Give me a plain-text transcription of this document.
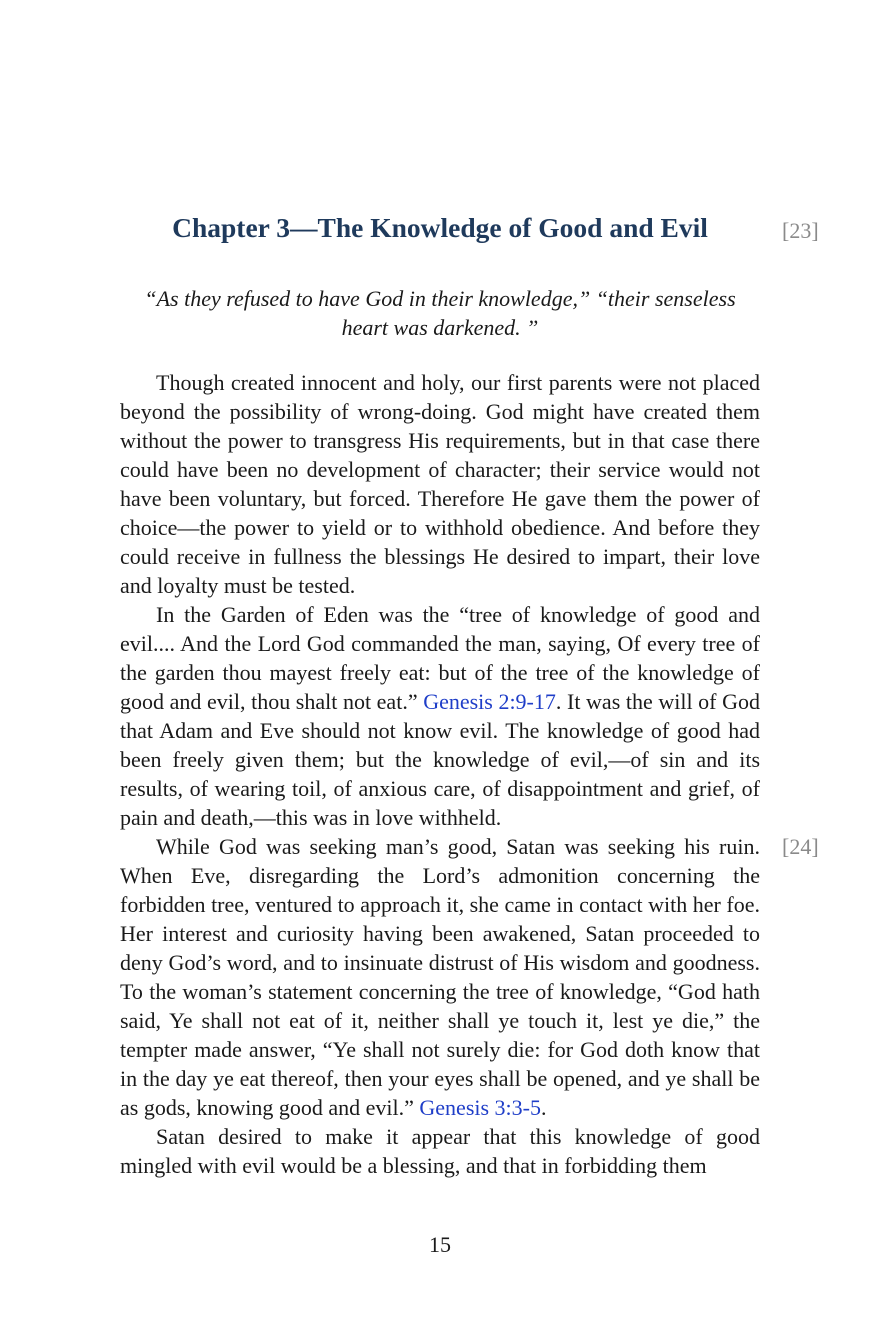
Chapter 3—The Knowledge of Good and Evil	[23]

“As they refused to have God in their knowledge,” “their senseless heart was darkened. ”

Though created innocent and holy, our first parents were not placed beyond the possibility of wrong-doing. God might have created them without the power to transgress His requirements, but in that case there could have been no development of character; their service would not have been voluntary, but forced. Therefore He gave them the power of choice—the power to yield or to withhold obedience. And before they could receive in fullness the blessings He desired to impart, their love and loyalty must be tested.

In the Garden of Eden was the “tree of knowledge of good and evil.... And the Lord God commanded the man, saying, Of every tree of the garden thou mayest freely eat: but of the tree of the knowledge of good and evil, thou shalt not eat.” Genesis 2:9-17. It was the will of God that Adam and Eve should not know evil. The knowledge of good had been freely given them; but the knowledge of evil,—of sin and its results, of wearing toil, of anxious care, of disappointment and grief, of pain and death,—this was in love withheld.

While God was seeking man’s good, Satan was seeking his ruin. When Eve, disregarding the Lord’s admonition concerning the forbidden tree, ventured to approach it, she came in contact with her foe. Her interest and curiosity having been awakened, Satan proceeded to deny God’s word, and to insinuate distrust of His wisdom and goodness. To the woman’s statement concerning the tree of knowledge, “God hath said, Ye shall not eat of it, neither shall ye touch it, lest ye die,” the tempter made answer, “Ye shall not surely die: for God doth know that in the day ye eat thereof, then your eyes shall be opened, and ye shall be as gods, knowing good and evil.” Genesis 3:3-5.

Satan desired to make it appear that this knowledge of good mingled with evil would be a blessing, and that in forbidding them

[24]

15
